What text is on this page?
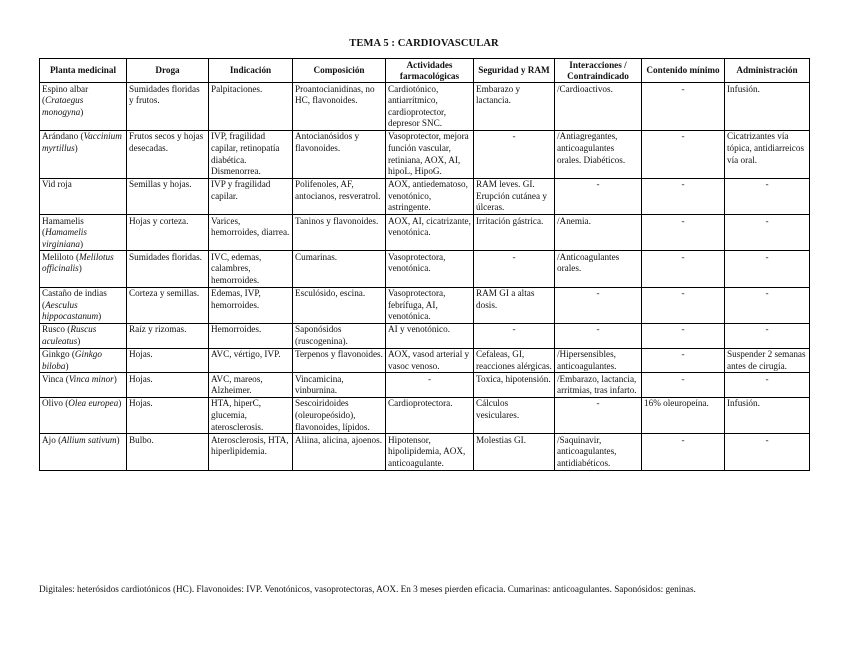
TEMA 5 : CARDIOVASCULAR
Planta medicinal	Droga	Indicación	Composición	Actividades farmacológicas	Seguridad y RAM	Interacciones / Contraindicado	Contenido mínimo	Administración
Espino albar (Crataegus monogyna)	Sumidades floridas y frutos.	Palpitaciones.	Proantocianidinas, no HC, flavonoides.	Cardiotónico, antiarrítmico, cardioprotector, depresor SNC.	Embarazo y lactancia.	/Cardioactivos.	-	Infusión.
Arándano (Vaccinium myrtillus)	Frutos secos y hojas desecadas.	IVP, fragilidad capilar, retinopatía diabética. Dismenorrea.	Antocianósidos y flavonoides.	Vasoprotector, mejora función vascular, retiniana, AOX, AI, hipoL, HipoG.	-	/Antiagregantes, anticoagulantes orales. Diabéticos.	-	Cicatrizantes vía tópica, antidiarreicos vía oral.
Vid roja	Semillas y hojas.	IVP y fragilidad capilar.	Polifenoles, AF, antocianos, resveratrol.	AOX, antiedematoso, venotónico, astringente.	RAM leves. GI. Erupción cutánea y úlceras.	-	-	-
Hamamelis (Hamamelis virginiana)	Hojas y corteza.	Varices, hemorroides, diarrea.	Taninos y flavonoides.	AOX, AI, cicatrizante, venotónica.	Irritación gástrica.	/Anemia.	-	-
Meliloto (Melilotus officinalis)	Sumidades floridas.	IVC, edemas, calambres, hemorroides.	Cumarinas.	Vasoprotectora, venotónica.	-	/Anticoagulantes orales.	-	-
Castaño de indias (Aesculus hippocastanum)	Corteza y semillas.	Edemas, IVP, hemorroides.	Esculósido, escina.	Vasoprotectora, febrífuga, AI, venotónica.	RAM GI a altas dosis.	-	-	-
Rusco (Ruscus aculeatus)	Raíz y rizomas.	Hemorroides.	Saponósidos (ruscogenina).	AI y venotónico.	-	-	-	-
Ginkgo (Ginkgo biloba)	Hojas.	AVC, vértigo, IVP.	Terpenos y flavonoides.	AOX, vasod arterial y vasoc venoso.	Cefaleas, GI, reacciones alérgicas.	/Hipersensibles, anticoagulantes.	-	Suspender 2 semanas antes de cirugía.
Vinca (Vinca minor)	Hojas.	AVC, mareos, Alzheimer.	Vincamicina, vinburnina.	-	Toxica, hipotensión.	/Embarazo, lactancia, arritmias, tras infarto.	-	-
Olivo (Olea europea)	Hojas.	HTA, hiperC, glucemia, aterosclerosis.	Sescoiridoides (oleuropeósido), flavonoides, lípidos.	Cardioprotectora.	Cálculos vesiculares.	-	16% oleuropeína.	Infusión.
Ajo (Allium sativum)	Bulbo.	Aterosclerosis, HTA, hiperlipidemia.	Aliina, alicina, ajoenos.	Hipotensor, hipolipidemia, AOX, anticoagulante.	Molestias GI.	/Saquinavir, anticoagulantes, antidiabéticos.	-	-
Digitales: heterósidos cardiotónicos (HC). Flavonoides: IVP. Venotónicos, vasoprotectoras, AOX. En 3 meses pierden eficacia. Cumarinas: anticoagulantes. Saponósidos: geninas.
